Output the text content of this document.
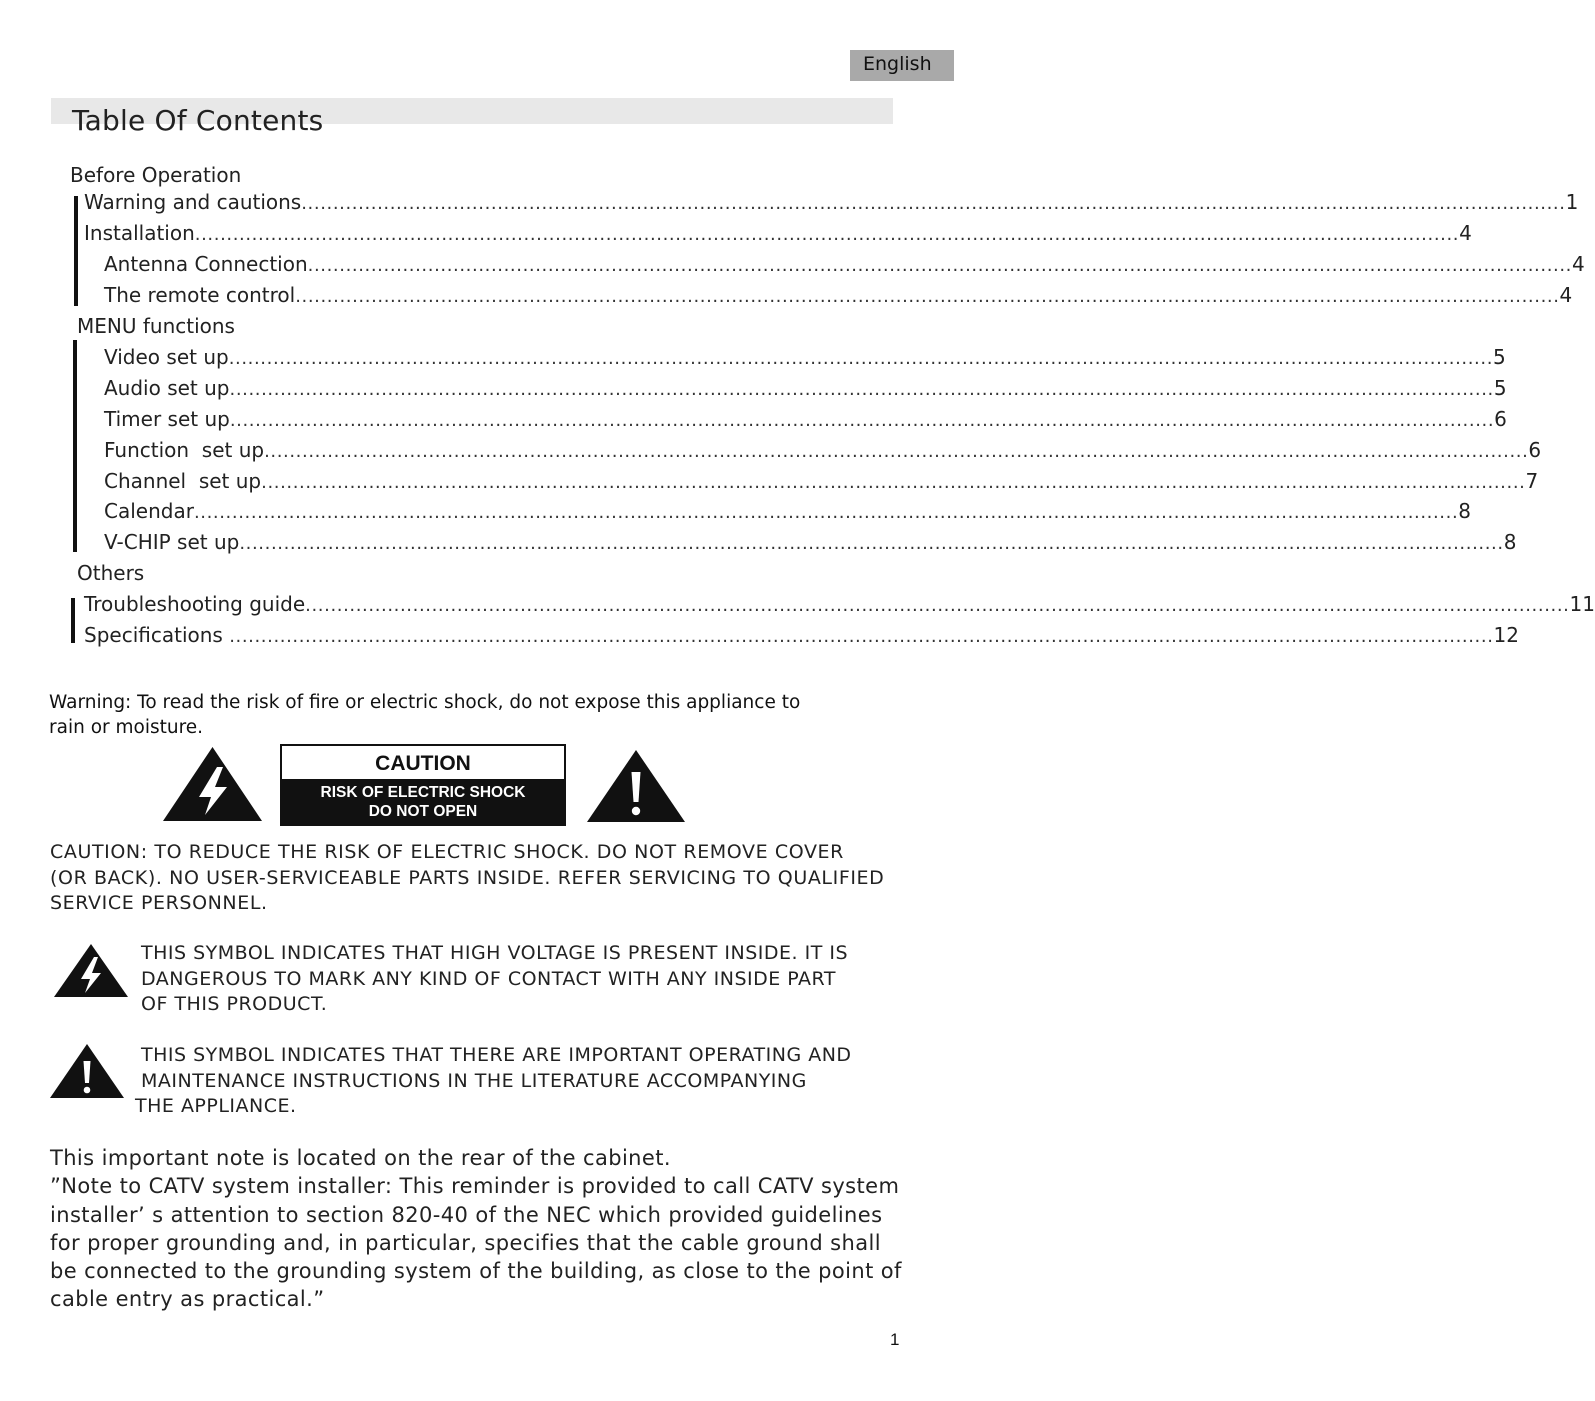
English
Table Of Contents
Before Operation
Warning and cautions ........................................................................................................................................................................................................ 1
Installation ........................................................................................................................................................................................................ 4
Antenna Connection ........................................................................................................................................................................................................ 4
The remote control ........................................................................................................................................................................................................ 4
MENU functions
Video set up ........................................................................................................................................................................................................ 5
Audio set up ........................................................................................................................................................................................................ 5
Timer set up ........................................................................................................................................................................................................ 6
Function  set up ........................................................................................................................................................................................................ 6
Channel  set up ........................................................................................................................................................................................................ 7
Calendar ........................................................................................................................................................................................................ 8
V-CHIP set up ........................................................................................................................................................................................................ 8
Others
Troubleshooting guide ........................................................................................................................................................................................................ 11
Specifications ........................................................................................................................................................................................................ 12
Warning: To read the risk of fire or electric shock, do not expose this appliance to
rain or moisture.
CAUTION
RISK OF ELECTRIC SHOCK
DO NOT OPEN
CAUTION: TO REDUCE THE RISK OF ELECTRIC SHOCK. DO NOT REMOVE COVER
(OR BACK). NO USER-SERVICEABLE PARTS INSIDE. REFER SERVICING TO QUALIFIED
SERVICE PERSONNEL.
THIS SYMBOL INDICATES THAT HIGH VOLTAGE IS PRESENT INSIDE. IT IS
DANGEROUS TO MARK ANY KIND OF CONTACT WITH ANY INSIDE PART
OF THIS PRODUCT.
THIS SYMBOL INDICATES THAT THERE ARE IMPORTANT OPERATING AND
MAINTENANCE INSTRUCTIONS IN THE LITERATURE ACCOMPANYING
THE APPLIANCE.
This important note is located on the rear of the cabinet.
”Note to CATV system installer: This reminder is provided to call CATV system
installer’ s attention to section 820-40 of the NEC which provided guidelines
for proper grounding and, in particular, specifies that the cable ground shall
be connected to the grounding system of the building, as close to the point of
cable entry as practical.”
1
